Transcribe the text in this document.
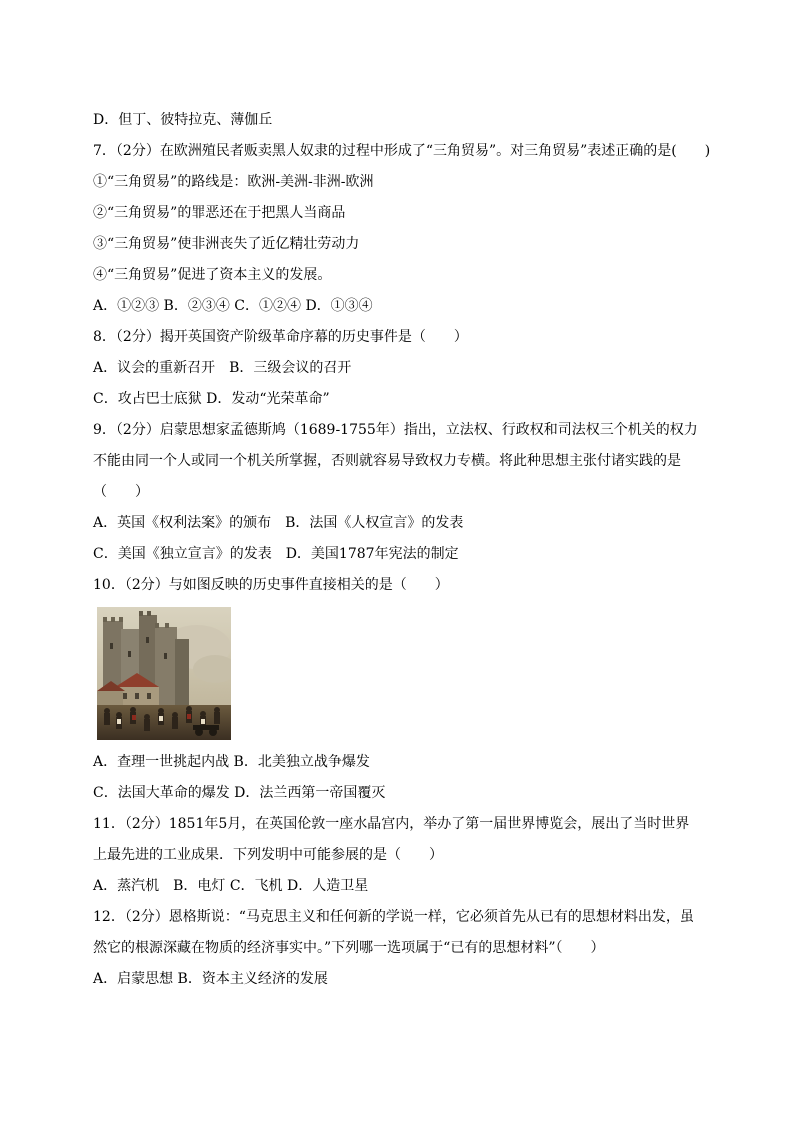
D．但丁、彼特拉克、薄伽丘
7．（2分）在欧洲殖民者贩卖黑人奴隶的过程中形成了“三角贸易”。对三角贸易”表述正确的是(　　)
①“三角贸易”的路线是：欧洲-美洲-非洲-欧洲
②“三角贸易”的罪恶还在于把黑人当商品
③“三角贸易”使非洲丧失了近亿精壮劳动力
④“三角贸易”促进了资本主义的发展。
A．①②③ B．②③④ C．①②④ D．①③④
8．（2分）揭开英国资产阶级革命序幕的历史事件是（　　）
A．议会的重新召开　B．三级会议的召开
C．攻占巴士底狱 D．发动“光荣革命”
9．（2分）启蒙思想家孟德斯鸠（1689-1755年）指出，立法权、行政权和司法权三个机关的权力
不能由同一个人或同一个机关所掌握，否则就容易导致权力专横。将此种思想主张付诸实践的是
（　　）
A．英国《权利法案》的颁布　B．法国《人权宣言》的发表
C．美国《独立宣言》的发表　D．美国1787年宪法的制定
10．（2分）与如图反映的历史事件直接相关的是（　　）
A．查理一世挑起内战 B．北美独立战争爆发
C．法国大革命的爆发 D．法兰西第一帝国覆灭
11．（2分）1851年5月，在英国伦敦一座水晶宫内，举办了第一届世界博览会，展出了当时世界
上最先进的工业成果．下列发明中可能参展的是（　　）
A．蒸汽机　B．电灯 C．飞机 D．人造卫星
12．（2分）恩格斯说：“马克思主义和任何新的学说一样，它必须首先从已有的思想材料出发，虽
然它的根源深藏在物质的经济事实中。”下列哪一选项属于“已有的思想材料”（　　）
A．启蒙思想 B．资本主义经济的发展
